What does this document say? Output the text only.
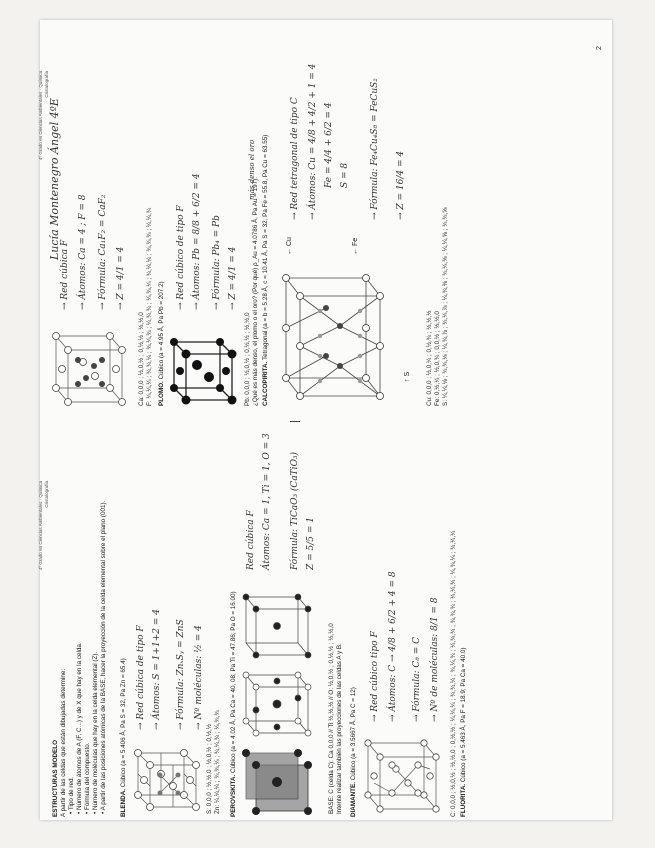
4º Grado en Ciencias Ambientales · Química Cristalografía
4º Grado en Ciencias Ambientales · Química Cristalografía
Lucía Montenegro Ángel 4ºE
ESTRUCTURAS MODELO A partir de las celdas que están dibujadas determine: • Tipo de red.
• Número de átomos de A (F, C...) y de X que hay en la celda.
• Fórmula del compuesto.
• Número de moléculas que hay en la celda elemental (Z).
• A partir de las posiciones atómicas de la BASE, hacer la proyección de la celda elemental sobre el plano (001). BLENDA. Cúbico (a = 5.406 Å, Pa S = 32, Pa Zn = 65.4)	S: 0,0,0 ; ½,½,0 ; ½,0,½ ; 0,½,½ Zn: ¼,¼,¼ ; ¾,¾,¼ ; ¾,¼,¾ ; ¼,¾,¾
→ Red cúbica de tipo F → Átomos: S = 1+1+2 = 4 → Fórmula: ZnₓSᵧ = ZnS → Nº moléculas: ½ = 4
PEROVSKITA. Cúbico (a = 4.02 Å, Pa Ca = 40, 08; Pa Ti = 47.86; Pa O = 16.00)
Red cúbica F Átomos: Ca = 1, Ti = 1, O = 3 Fórmula: TiCaO₃ (CaTiO₃) Z = 5/5 = 1
BASE: C (celda C): Ca 0,0,0 // Ti ½,½,½ // O: ½,0,½ ; 0,½,½ ; ½,½,0 Intente realizar también las proyecciones de las celdas A y B. DIAMANTE. Cúbico (a = 3.5667 Å, Pa C = 12)
→ Red cúbico tipo F → Átomos: C → 4/8 + 6/2 + 4 = 8 → Fórmula: C₈ = C → Nº de moléculas: 8/1 = 8 C: 0,0,0 ; ½,0,½ ; ½,½,0 ; 0,½,½ ; ¼,¼,¼ ; ¾,¾,¼ ; ¾,¼,¾ ; ¼,¾,¾ ; ¾,¾,¾ ; ¼,¼,¾ ; ¼,¾,¼ ; ¾,¼,¼ FLUORITA. Cúbico (a = 5.463 Å, Pa F = 18.9; Pa Ca = 40.0)
→ Red cúbica F → Átomos: Ca = 4 ; F = 8 → Fórmula: Ca₁F₂ = CaF₂ → Z = 4/1 = 4
Ca: 0,0,0 ; ½,0,½ ; 0,½,½ ; ½,½,0 F: ¼,¼,¼ ; ¾,¾,¼ ; ¾,¼,¾ ; ¼,¾,¾ ; ¼,¾,¼ ; ¾,¼,¼ ; ¾,¾,¾ ; ¼,¼,¾ PLOMO. Cúbico (a = 4.95 Å, Pa Pb = 207.2)
→ Red cúbico de tipo F → Átomos: Pb = 8/8 + 6/2 = 4 → Fórmula: Pb₄ = Pb → Z = 4/1 = 4
Pb: 0,0,0 ; ½,0,½ ; 0,½,½ ; ½,½,0 ¿Qué es más denso, el plomo o el oro? (Por qué) ρ_Au = 4.0786 Å, Pa Au = 197).
más denso el oro
CALCOPIRITA. Tetragonal (a = b = 5.28 Å, c = 10.41 Å, Pa S = 32, Pa Fe = 55.8, Pa Cu = 63.55) ← Cu
← Fe
↑ S
→ Red tetragonal de tipo C → Átomos: Cu = 4/8 + 4/2 + 1 = 4 Fe = 4/4 + 6/2 = 4 S = 8 → Fórmula: Fe₄Cu₄S₈ = FeCuS₂ → Z = 16/4 = 4
Cu: 0,0,0 ; ½,0,¼ ; 0,½,¾ ; ½,½,½ Fe: 0,½,¼ ; ½,0,¾ ; 0,0,½ ; ½,½,0 S: ¼,¼,⅛ ; ¾,¾,⅛ ; ¼,¾,⅞ ; ¾,¼,⅞ ; ¼,¾,⅜ ; ¾,¼,⅜ ; ¼,¼,⅝ ; ¾,¾,⅝
2
